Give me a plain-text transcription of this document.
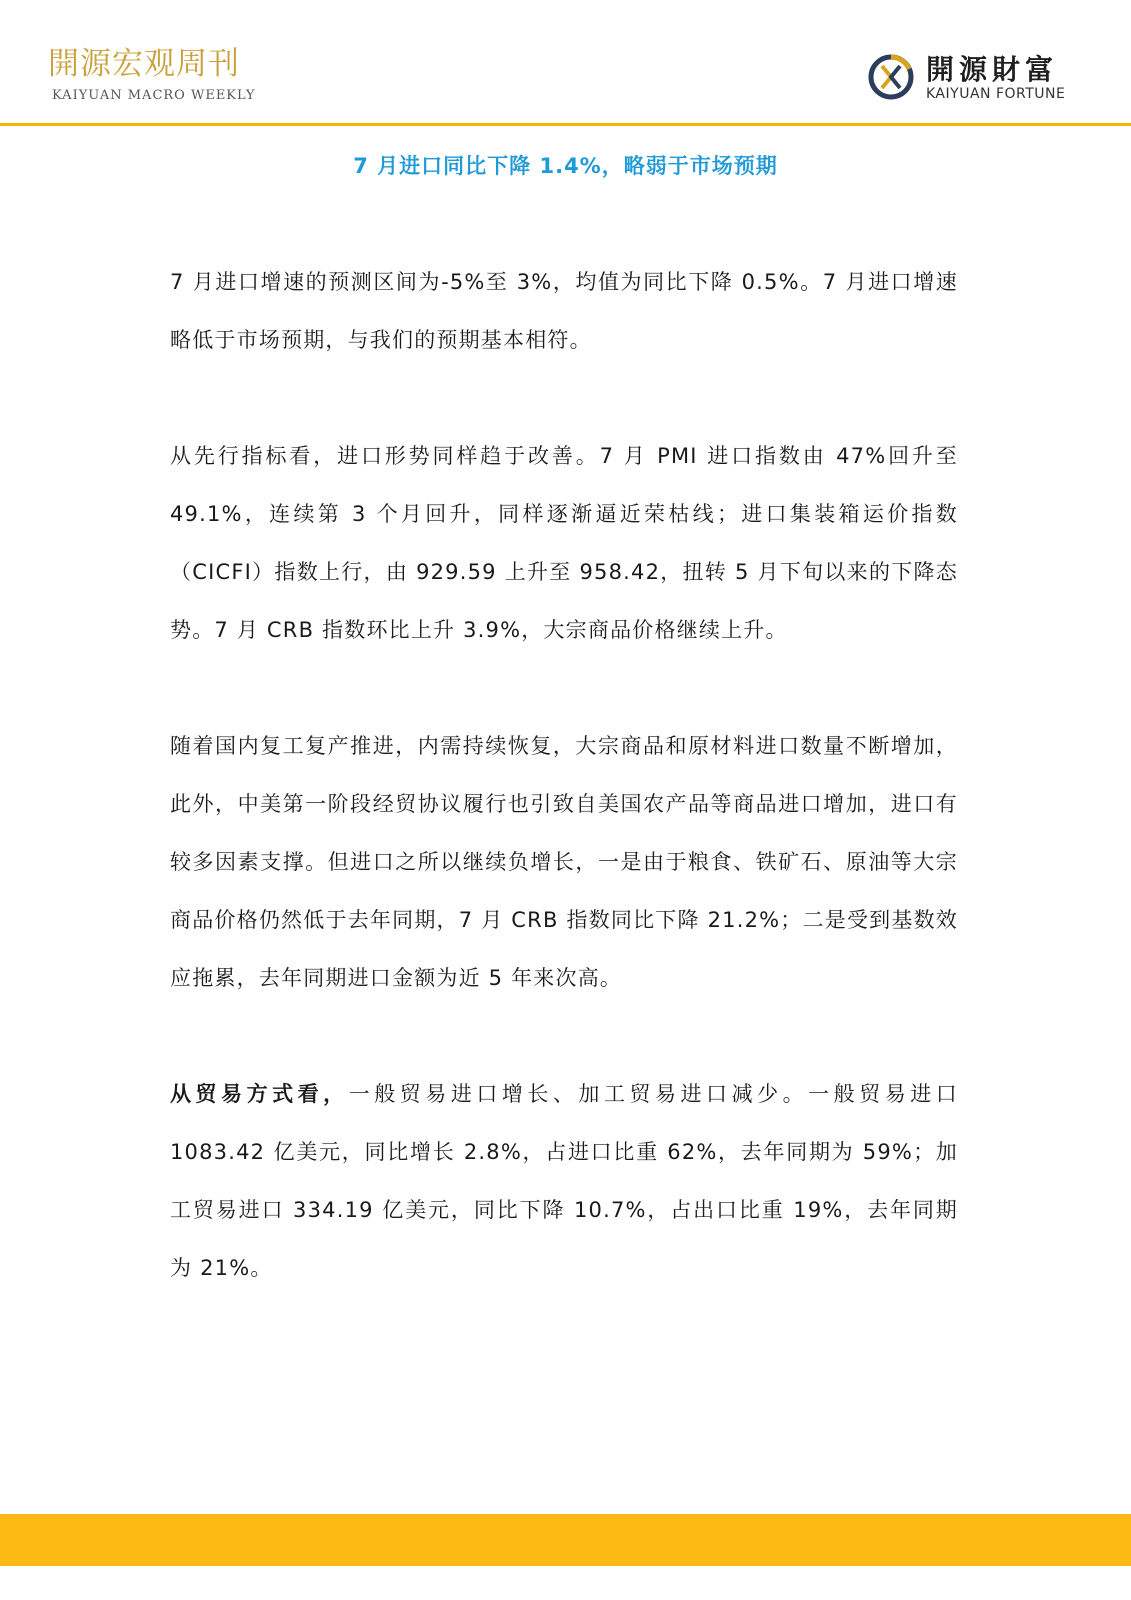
開源宏观周刊
KAIYUAN MACRO WEEKLY
開源財富
KAIYUAN FORTUNE
7 月进口同比下降 1.4%，略弱于市场预期

7 月进口增速的预测区间为-5%至 3%，均值为同比下降 0.5%。7 月进口增速略低于市场预期，与我们的预期基本相符。

从先行指标看，进口形势同样趋于改善。7 月 PMI 进口指数由 47%回升至 49.1%，连续第 3 个月回升，同样逐渐逼近荣枯线；进口集装箱运价指数（CICFI）指数上行，由 929.59 上升至 958.42，扭转 5 月下旬以来的下降态势。7 月 CRB 指数环比上升 3.9%，大宗商品价格继续上升。

随着国内复工复产推进，内需持续恢复，大宗商品和原材料进口数量不断增加，此外，中美第一阶段经贸协议履行也引致自美国农产品等商品进口增加，进口有较多因素支撑。但进口之所以继续负增长，一是由于粮食、铁矿石、原油等大宗商品价格仍然低于去年同期，7 月 CRB 指数同比下降 21.2%；二是受到基数效应拖累，去年同期进口金额为近 5 年来次高。

从贸易方式看，一般贸易进口增长、加工贸易进口减少。一般贸易进口 1083.42 亿美元，同比增长 2.8%，占进口比重 62%，去年同期为 59%；加工贸易进口 334.19 亿美元，同比下降 10.7%，占出口比重 19%，去年同期为 21%。
